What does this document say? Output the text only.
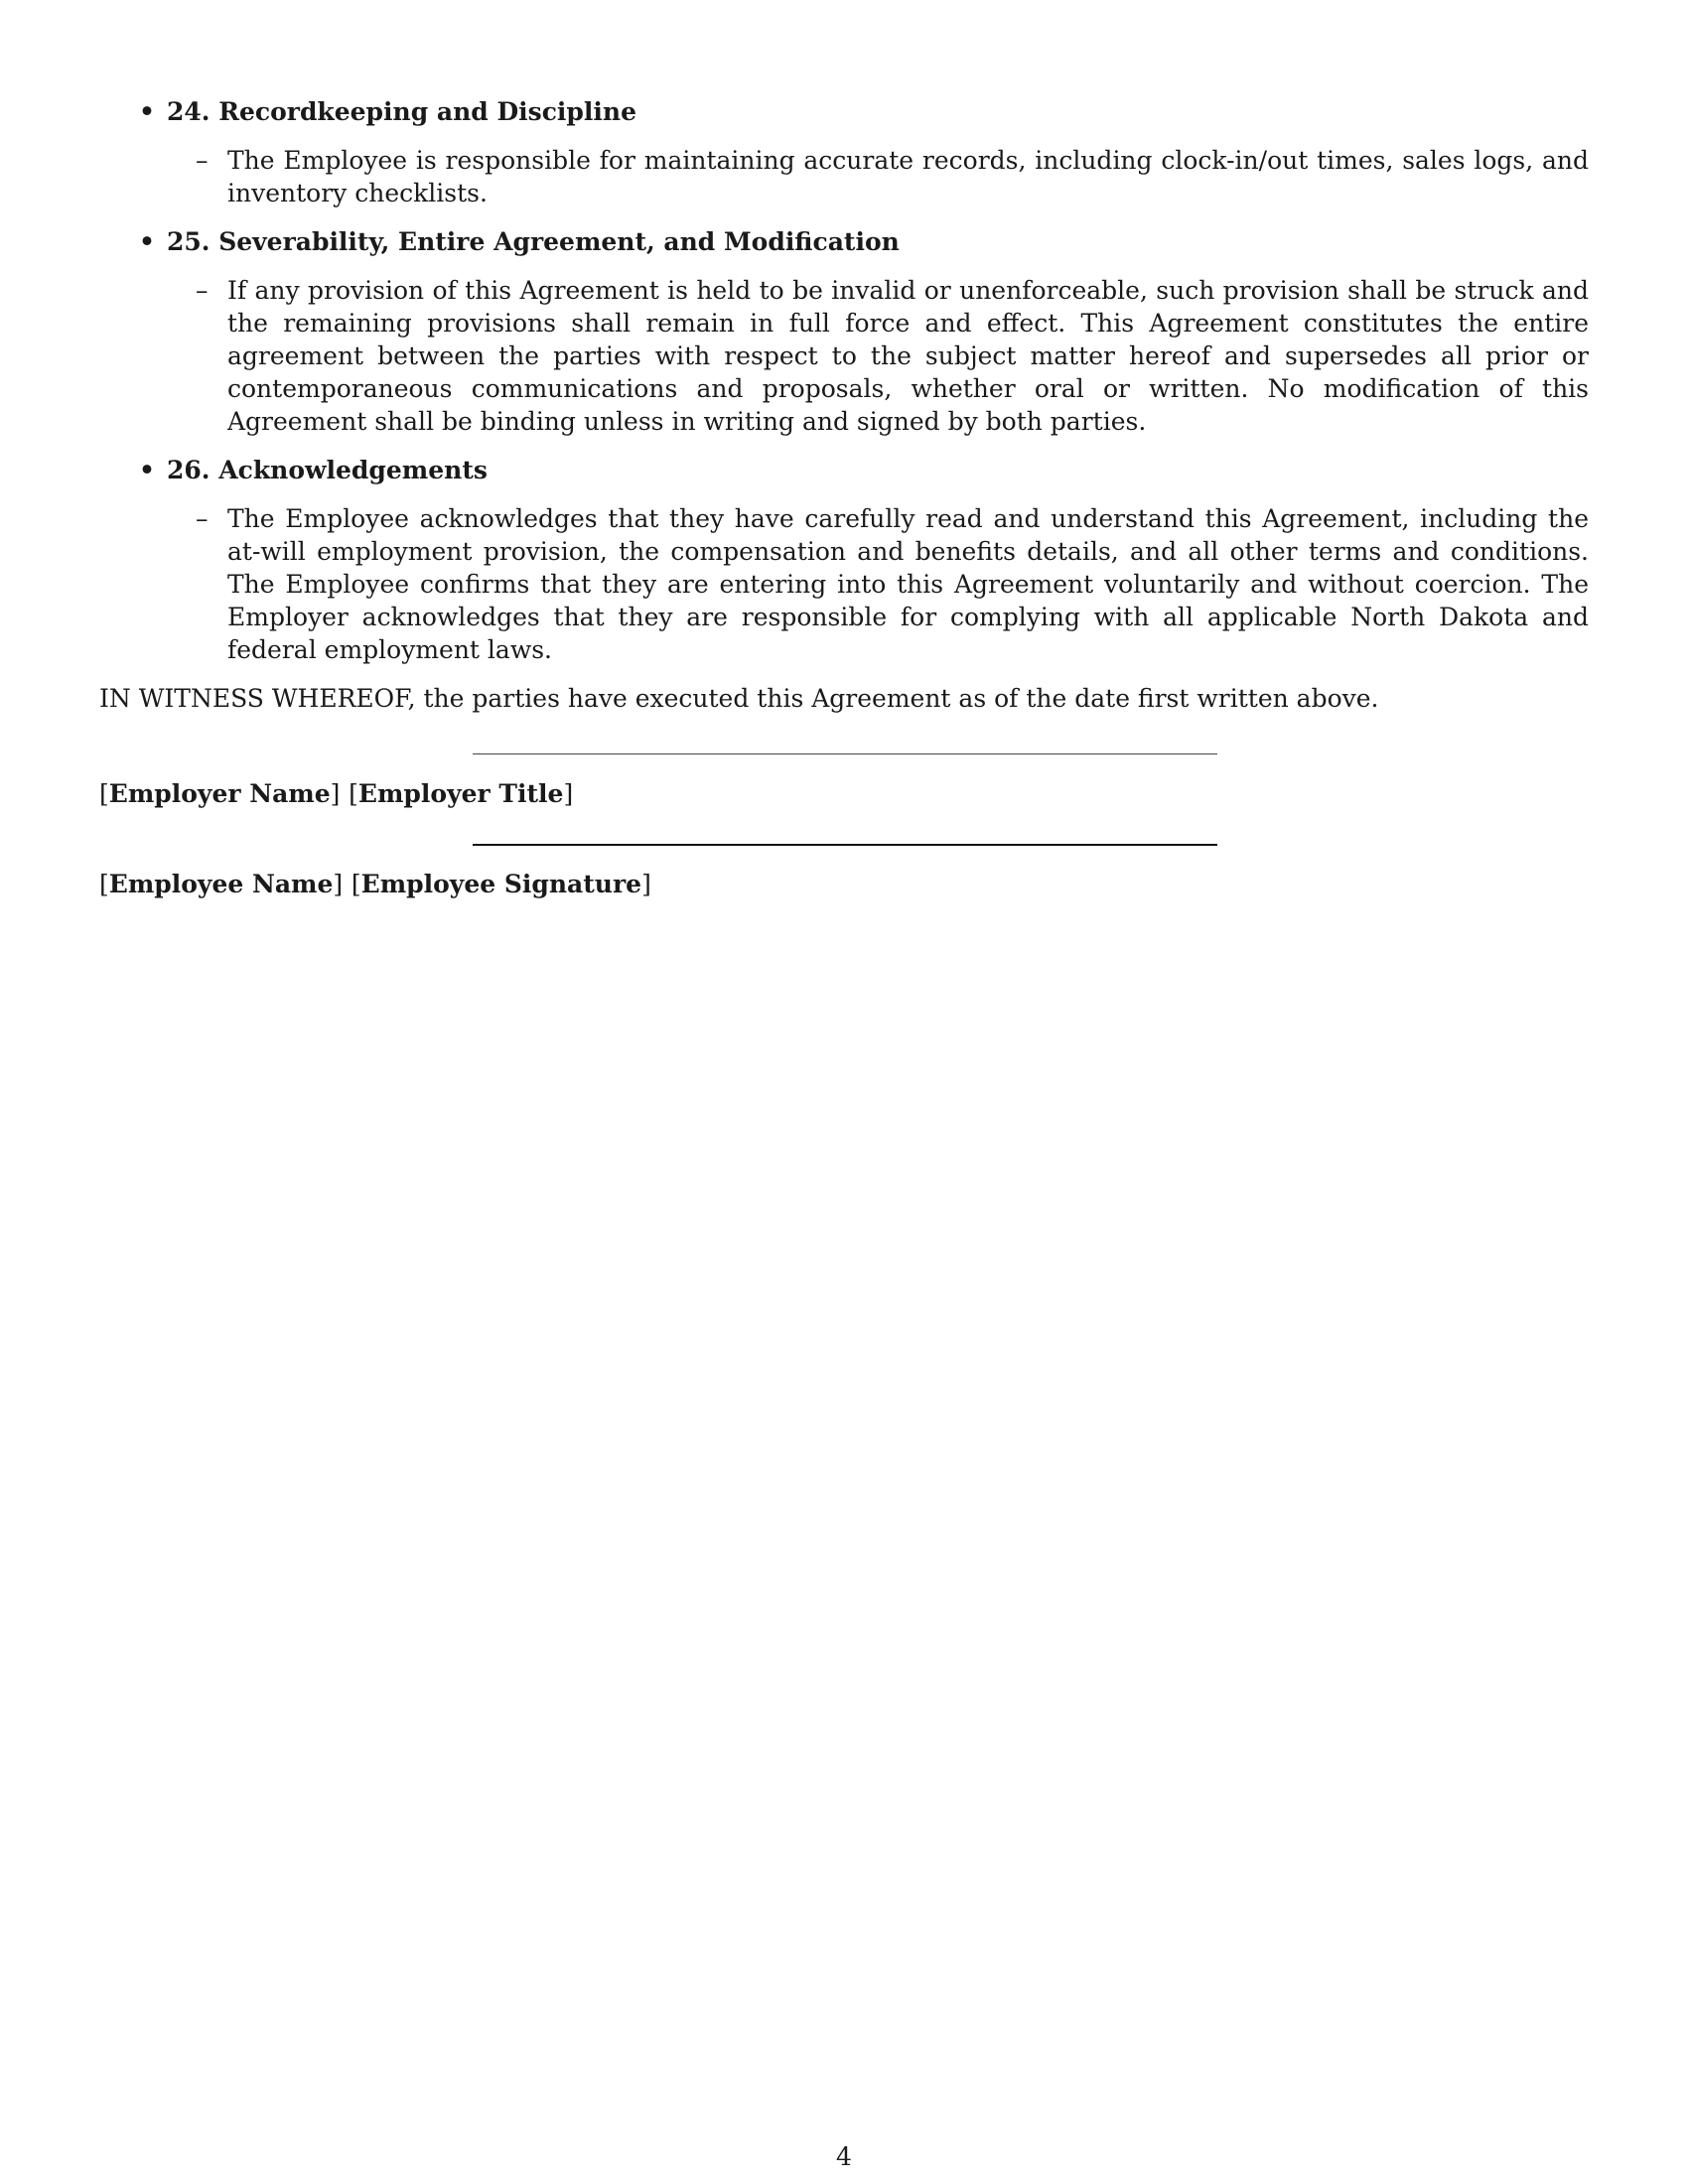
• 24. Recordkeeping and Discipline
– The Employee is responsible for maintaining accurate records, including clock-in/out times, sales logs, and inventory checklists.
• 25. Severability, Entire Agreement, and Modification
– If any provision of this Agreement is held to be invalid or unenforceable, such provision shall be struck and the remaining provisions shall remain in full force and effect. This Agreement constitutes the entire agreement between the parties with respect to the subject matter hereof and supersedes all prior or contemporaneous communications and proposals, whether oral or written. No modification of this Agreement shall be binding unless in writing and signed by both parties.
• 26. Acknowledgements
– The Employee acknowledges that they have carefully read and understand this Agreement, including the at-will employment provision, the compensation and benefits details, and all other terms and conditions. The Employee confirms that they are entering into this Agreement voluntarily and without coercion. The Employer acknowledges that they are responsible for complying with all applicable North Dakota and federal employment laws.
IN WITNESS WHEREOF, the parties have executed this Agreement as of the date first written above.
[Employer Name] [Employer Title]
[Employee Name] [Employee Signature]
4
